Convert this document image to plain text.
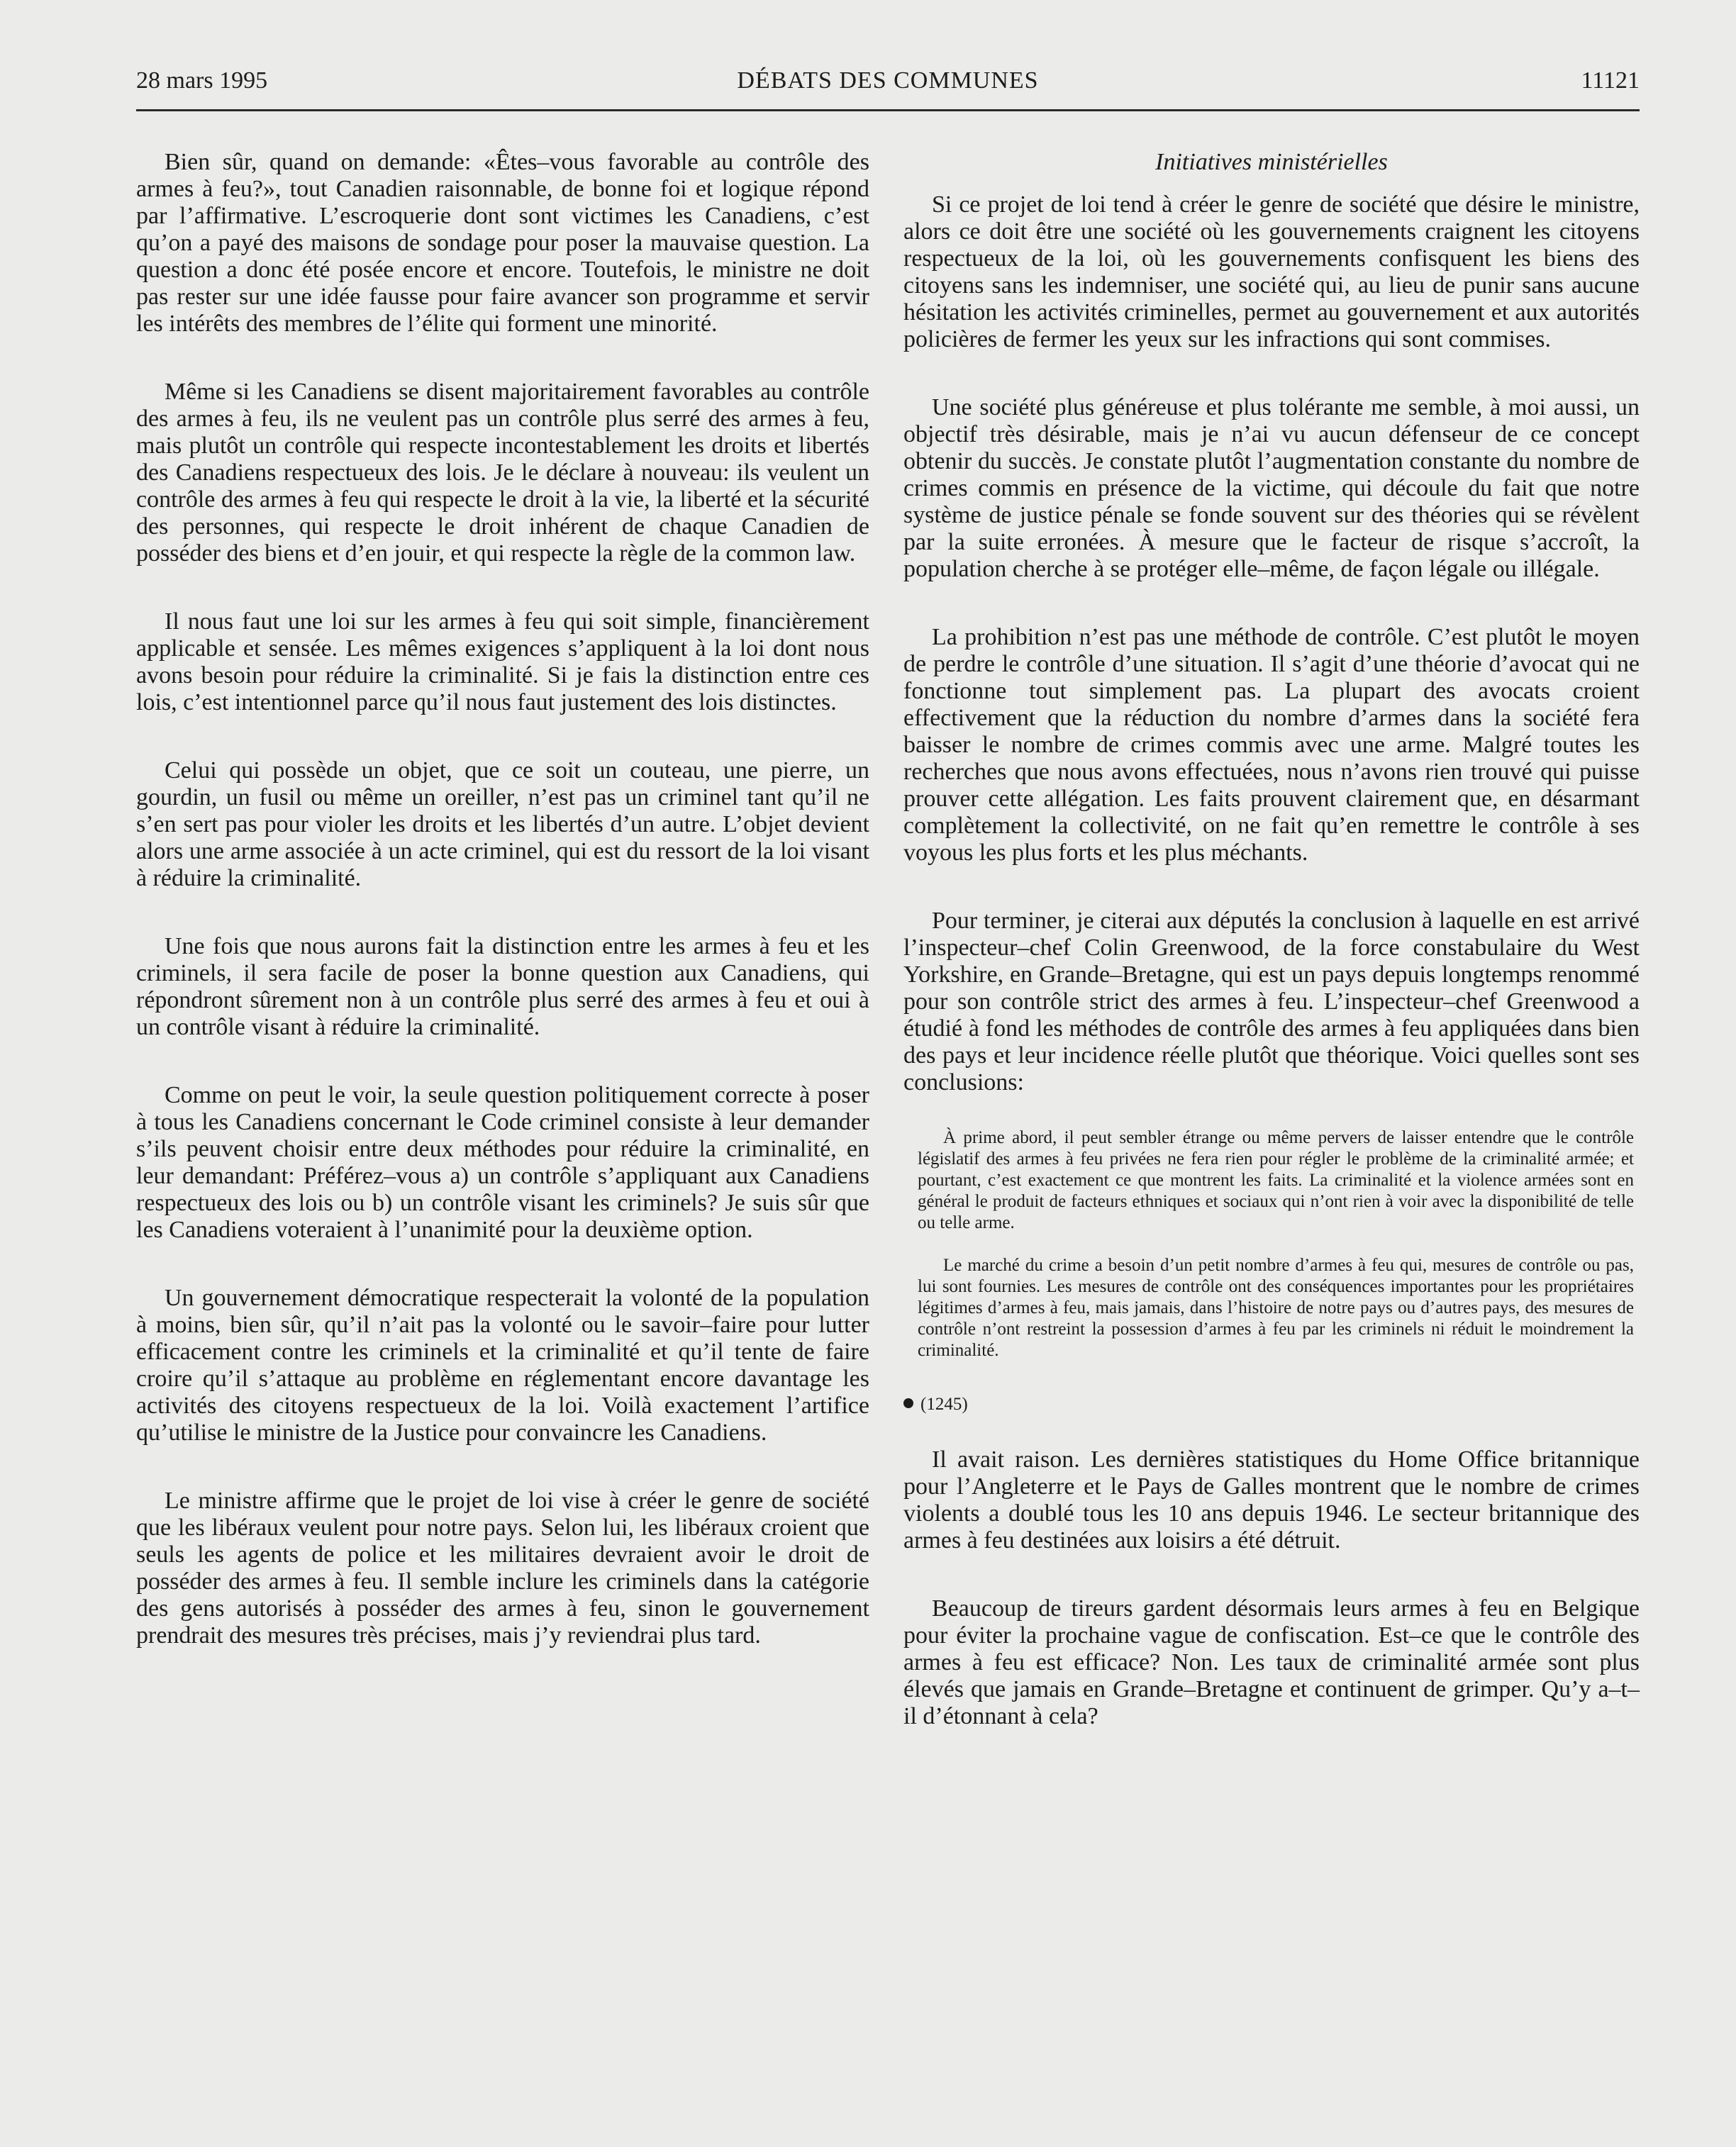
28 mars 1995	DÉBATS DES COMMUNES	11121

Bien sûr, quand on demande: «Êtes–vous favorable au contrôle des armes à feu?», tout Canadien raisonnable, de bonne foi et logique répond par l’affirmative. L’escroquerie dont sont victimes les Canadiens, c’est qu’on a payé des maisons de sondage pour poser la mauvaise question. La question a donc été posée encore et encore. Toutefois, le ministre ne doit pas rester sur une idée fausse pour faire avancer son programme et servir les intérêts des membres de l’élite qui forment une minorité.

Même si les Canadiens se disent majoritairement favorables au contrôle des armes à feu, ils ne veulent pas un contrôle plus serré des armes à feu, mais plutôt un contrôle qui respecte incontestablement les droits et libertés des Canadiens respectueux des lois. Je le déclare à nouveau: ils veulent un contrôle des armes à feu qui respecte le droit à la vie, la liberté et la sécurité des personnes, qui respecte le droit inhérent de chaque Canadien de posséder des biens et d’en jouir, et qui respecte la règle de la common law.

Il nous faut une loi sur les armes à feu qui soit simple, financièrement applicable et sensée. Les mêmes exigences s’appliquent à la loi dont nous avons besoin pour réduire la criminalité. Si je fais la distinction entre ces lois, c’est intentionnel parce qu’il nous faut justement des lois distinctes.

Celui qui possède un objet, que ce soit un couteau, une pierre, un gourdin, un fusil ou même un oreiller, n’est pas un criminel tant qu’il ne s’en sert pas pour violer les droits et les libertés d’un autre. L’objet devient alors une arme associée à un acte criminel, qui est du ressort de la loi visant à réduire la criminalité.

Une fois que nous aurons fait la distinction entre les armes à feu et les criminels, il sera facile de poser la bonne question aux Canadiens, qui répondront sûrement non à un contrôle plus serré des armes à feu et oui à un contrôle visant à réduire la criminalité.

Comme on peut le voir, la seule question politiquement correcte à poser à tous les Canadiens concernant le Code criminel consiste à leur demander s’ils peuvent choisir entre deux méthodes pour réduire la criminalité, en leur demandant: Préférez–vous a) un contrôle s’appliquant aux Canadiens respectueux des lois ou b) un contrôle visant les criminels? Je suis sûr que les Canadiens voteraient à l’unanimité pour la deuxième option.

Un gouvernement démocratique respecterait la volonté de la population à moins, bien sûr, qu’il n’ait pas la volonté ou le savoir–faire pour lutter efficacement contre les criminels et la criminalité et qu’il tente de faire croire qu’il s’attaque au problème en réglementant encore davantage les activités des citoyens respectueux de la loi. Voilà exactement l’artifice qu’utilise le ministre de la Justice pour convaincre les Canadiens.

Le ministre affirme que le projet de loi vise à créer le genre de société que les libéraux veulent pour notre pays. Selon lui, les libéraux croient que seuls les agents de police et les militaires devraient avoir le droit de posséder des armes à feu. Il semble inclure les criminels dans la catégorie des gens autorisés à posséder des armes à feu, sinon le gouvernement prendrait des mesures très précises, mais j’y reviendrai plus tard.

Initiatives ministérielles

Si ce projet de loi tend à créer le genre de société que désire le ministre, alors ce doit être une société où les gouvernements craignent les citoyens respectueux de la loi, où les gouvernements confisquent les biens des citoyens sans les indemniser, une société qui, au lieu de punir sans aucune hésitation les activités criminelles, permet au gouvernement et aux autorités policières de fermer les yeux sur les infractions qui sont commises.

Une société plus généreuse et plus tolérante me semble, à moi aussi, un objectif très désirable, mais je n’ai vu aucun défenseur de ce concept obtenir du succès. Je constate plutôt l’augmentation constante du nombre de crimes commis en présence de la victime, qui découle du fait que notre système de justice pénale se fonde souvent sur des théories qui se révèlent par la suite erronées. À mesure que le facteur de risque s’accroît, la population cherche à se protéger elle–même, de façon légale ou illégale.

La prohibition n’est pas une méthode de contrôle. C’est plutôt le moyen de perdre le contrôle d’une situation. Il s’agit d’une théorie d’avocat qui ne fonctionne tout simplement pas. La plupart des avocats croient effectivement que la réduction du nombre d’armes dans la société fera baisser le nombre de crimes commis avec une arme. Malgré toutes les recherches que nous avons effectuées, nous n’avons rien trouvé qui puisse prouver cette allégation. Les faits prouvent clairement que, en désarmant complètement la collectivité, on ne fait qu’en remettre le contrôle à ses voyous les plus forts et les plus méchants.

Pour terminer, je citerai aux députés la conclusion à laquelle en est arrivé l’inspecteur–chef Colin Greenwood, de la force constabulaire du West Yorkshire, en Grande–Bretagne, qui est un pays depuis longtemps renommé pour son contrôle strict des armes à feu. L’inspecteur–chef Greenwood a étudié à fond les méthodes de contrôle des armes à feu appliquées dans bien des pays et leur incidence réelle plutôt que théorique. Voici quelles sont ses conclusions:

À prime abord, il peut sembler étrange ou même pervers de laisser entendre que le contrôle législatif des armes à feu privées ne fera rien pour régler le problème de la criminalité armée; et pourtant, c’est exactement ce que montrent les faits. La criminalité et la violence armées sont en général le produit de facteurs ethniques et sociaux qui n’ont rien à voir avec la disponibilité de telle ou telle arme.

Le marché du crime a besoin d’un petit nombre d’armes à feu qui, mesures de contrôle ou pas, lui sont fournies. Les mesures de contrôle ont des conséquences importantes pour les propriétaires légitimes d’armes à feu, mais jamais, dans l’histoire de notre pays ou d’autres pays, des mesures de contrôle n’ont restreint la possession d’armes à feu par les criminels ni réduit le moindrement la criminalité.

(1245)

Il avait raison. Les dernières statistiques du Home Office britannique pour l’Angleterre et le Pays de Galles montrent que le nombre de crimes violents a doublé tous les 10 ans depuis 1946. Le secteur britannique des armes à feu destinées aux loisirs a été détruit.

Beaucoup de tireurs gardent désormais leurs armes à feu en Belgique pour éviter la prochaine vague de confiscation. Est–ce que le contrôle des armes à feu est efficace? Non. Les taux de criminalité armée sont plus élevés que jamais en Grande–Bretagne et continuent de grimper. Qu’y a–t–il d’étonnant à cela?
